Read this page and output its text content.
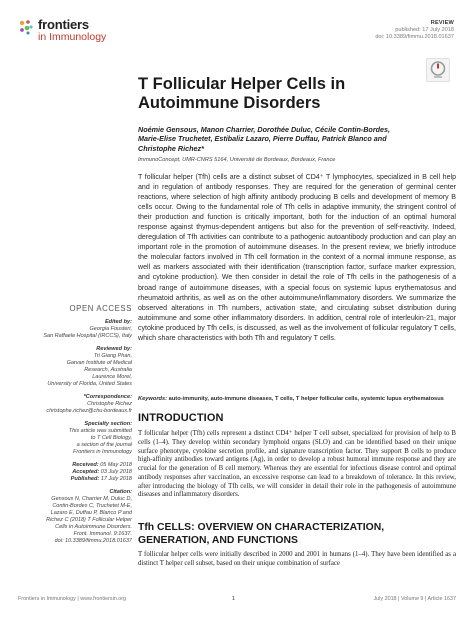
frontiers
in Immunology
REVIEW
published: 17 July 2018
doi: 10.3389/fimmu.2018.01637
T Follicular Helper Cells in
Autoimmune Disorders
Noémie Gensous, Manon Charrier, Dorothée Duluc, Cécile Contin-Bordes,
Marie-Elise Truchetet, Estibaliz Lazaro, Pierre Duffau, Patrick Blanco and
Christophe Richez*
ImmunoConcept, UMR-CNRS 5164, Université de Bordeaux, Bordeaux, France
T follicular helper (Tfh) cells are a distinct subset of CD4⁺ T lymphocytes, specialized in B cell help and in regulation of antibody responses. They are required for the generation of germinal center reactions, where selection of high affinity antibody producing B cells and development of memory B cells occur. Owing to the fundamental role of Tfh cells in adaptive immunity, the stringent control of their production and function is critically important, both for the induction of an optimal humoral response against thymus-dependent antigens but also for the prevention of self-reactivity. Indeed, deregulation of Tfh activities can contribute to a pathogenic autoantibody production and can play an important role in the promotion of autoimmune diseases. In the present review, we briefly introduce the molecular factors involved in Tfh cell formation in the context of a normal immune response, as well as markers associated with their identification (transcription factor, surface marker expression, and cytokine production). We then consider in detail the role of Tfh cells in the pathogenesis of a broad range of autoimmune diseases, with a special focus on systemic lupus erythematosus and rheumatoid arthritis, as well as on the other autoimmune/inflammatory disorders. We summarize the observed alterations in Tfh numbers, activation state, and circulating subset distribution during autoimmune and some other inflammatory disorders. In addition, central role of interleukin-21, major cytokine produced by Tfh cells, is discussed, as well as the involvement of follicular regulatory T cells, which share characteristics with both Tfh and regulatory T cells.
Keywords: auto-immunity, auto-immune diseases, T cells, T helper follicular cells, systemic lupus erythematosus
INTRODUCTION
T follicular helper (Tfh) cells represent a distinct CD4⁺ helper T cell subset, specialized for provision of help to B cells (1–4). They develop within secondary lymphoid organs (SLO) and can be identified based on their unique surface phenotype, cytokine secretion profile, and signature transcription factor. They support B cells to produce high-affinity antibodies toward antigens (Ag), in order to develop a robust humoral immune response and they are crucial for the generation of B cell memory. Whereas they are essential for infectious disease control and optimal antibody responses after vaccination, an excessive response can lead to a breakdown of tolerance. In this review, after introducing the biology of Tfh cells, we will consider in detail their role in the pathogenesis of autoimmune diseases and inflammatory disorders.
Tfh CELLS: OVERVIEW ON CHARACTERIZATION, GENERATION, AND FUNCTIONS
T follicular helper cells were initially described in 2000 and 2001 in humans (1–4). They have been identified as a distinct T helper cell subset, based on their unique combination of surface
OPEN ACCESS
Edited by:
Georgia Fousteri,
San Raffaele Hospital (IRCCS), Italy
Reviewed by:
Tri Giang Phan,
Garvan Institute of Medical
Research, Australia
Laurence Morel,
University of Florida, United States
*Correspondence:
Christophe Richez
christophe.richez@chu-bordeaux.fr
Specialty section:
This article was submitted
to T Cell Biology,
a section of the journal
Frontiers in Immunology
Received: 05 May 2018
Accepted: 03 July 2018
Published: 17 July 2018
Citation:
Gensous N, Charrier M, Duluc D,
Contin-Bordes C, Truchetet M-E,
Lazaro E, Duffau P, Blanco P and
Richez C (2018) T Follicular Helper
Cells in Autoimmune Disorders.
Front. Immunol. 9:1637.
doi: 10.3389/fimmu.2018.01637
Frontiers in Immunology | www.frontiersin.org	1	July 2018 | Volume 9 | Article 1637
